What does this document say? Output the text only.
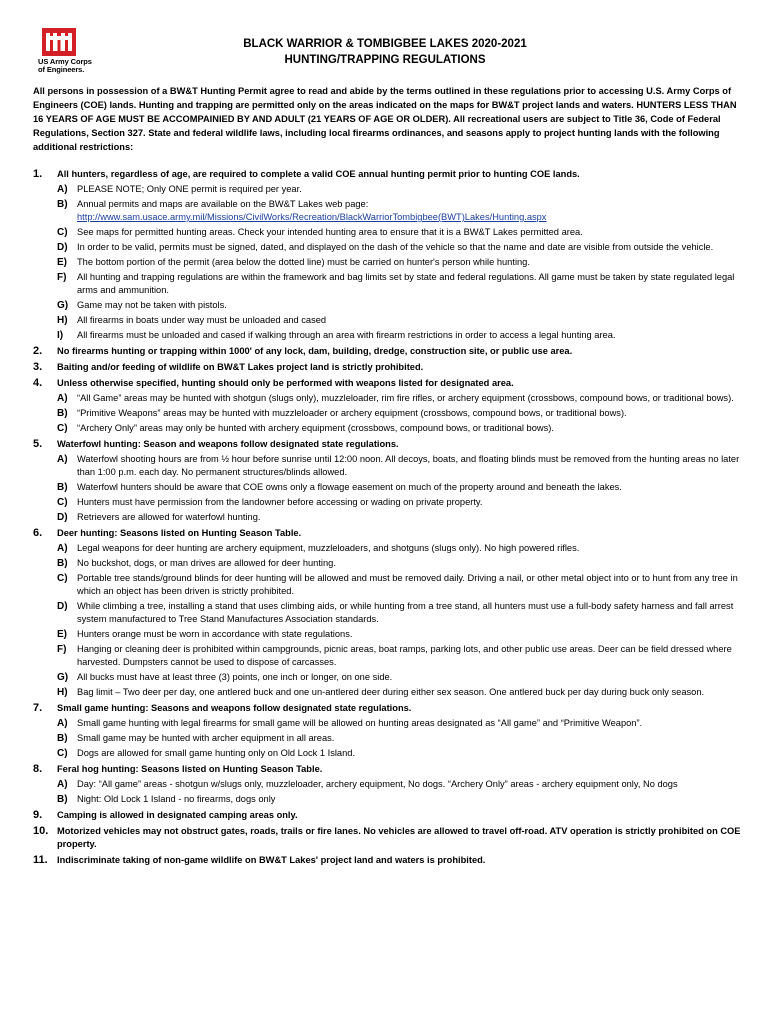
US Army Corps
of Engineers.
BLACK WARRIOR & TOMBIGBEE LAKES 2020-2021
HUNTING/TRAPPING REGULATIONS
All persons in possession of a BW&T Hunting Permit agree to read and abide by the terms outlined in these regulations prior to accessing U.S. Army Corps of Engineers (COE) lands. Hunting and trapping are permitted only on the areas indicated on the maps for BW&T project lands and waters. HUNTERS LESS THAN 16 YEARS OF AGE MUST BE ACCOMPAINIED BY AND ADULT (21 YEARS OF AGE OR OLDER). All recreational users are subject to Title 36, Code of Federal Regulations, Section 327. State and federal wildlife laws, including local firearms ordinances, and seasons apply to project hunting lands with the following additional restrictions:
1. All hunters, regardless of age, are required to complete a valid COE annual hunting permit prior to hunting COE lands.
A) PLEASE NOTE; Only ONE permit is required per year.
B) Annual permits and maps are available on the BW&T Lakes web page:
http://www.sam.usace.army.mil/Missions/CivilWorks/Recreation/BlackWarriorTombigbee(BWT)Lakes/Hunting.aspx
C) See maps for permitted hunting areas. Check your intended hunting area to ensure that it is a BW&T Lakes permitted area.
D) In order to be valid, permits must be signed, dated, and displayed on the dash of the vehicle so that the name and date are visible from outside the vehicle.
E) The bottom portion of the permit (area below the dotted line) must be carried on hunter's person while hunting.
F) All hunting and trapping regulations are within the framework and bag limits set by state and federal regulations. All game must be taken by state regulated legal arms and ammunition.
G) Game may not be taken with pistols.
H) All firearms in boats under way must be unloaded and cased
I) All firearms must be unloaded and cased if walking through an area with firearm restrictions in order to access a legal hunting area.
2. No firearms hunting or trapping within 1000' of any lock, dam, building, dredge, construction site, or public use area.
3. Baiting and/or feeding of wildlife on BW&T Lakes project land is strictly prohibited.
4. Unless otherwise specified, hunting should only be performed with weapons listed for designated area.
A) “All Game” areas may be hunted with shotgun (slugs only), muzzleloader, rim fire rifles, or archery equipment (crossbows, compound bows, or traditional bows).
B) “Primitive Weapons” areas may be hunted with muzzleloader or archery equipment (crossbows, compound bows, or traditional bows).
C) “Archery Only” areas may only be hunted with archery equipment (crossbows, compound bows, or traditional bows).
5. Waterfowl hunting: Season and weapons follow designated state regulations.
A) Waterfowl shooting hours are from ½ hour before sunrise until 12:00 noon. All decoys, boats, and floating blinds must be removed from the hunting areas no later than 1:00 p.m. each day. No permanent structures/blinds allowed.
B) Waterfowl hunters should be aware that COE owns only a flowage easement on much of the property around and beneath the lakes.
C) Hunters must have permission from the landowner before accessing or wading on private property.
D) Retrievers are allowed for waterfowl hunting.
6. Deer hunting: Seasons listed on Hunting Season Table.
A) Legal weapons for deer hunting are archery equipment, muzzleloaders, and shotguns (slugs only). No high powered rifles.
B) No buckshot, dogs, or man drives are allowed for deer hunting.
C) Portable tree stands/ground blinds for deer hunting will be allowed and must be removed daily. Driving a nail, or other metal object into or to hunt from any tree in which an object has been driven is strictly prohibited.
D) While climbing a tree, installing a stand that uses climbing aids, or while hunting from a tree stand, all hunters must use a full-body safety harness and fall arrest system manufactured to Tree Stand Manufactures Association standards.
E) Hunters orange must be worn in accordance with state regulations.
F) Hanging or cleaning deer is prohibited within campgrounds, picnic areas, boat ramps, parking lots, and other public use areas. Deer can be field dressed where harvested. Dumpsters cannot be used to dispose of carcasses.
G) All bucks must have at least three (3) points, one inch or longer, on one side.
H) Bag limit – Two deer per day, one antlered buck and one un-antlered deer during either sex season. One antlered buck per day during buck only season.
7. Small game hunting: Seasons and weapons follow designated state regulations.
A) Small game hunting with legal firearms for small game will be allowed on hunting areas designated as “All game” and “Primitive Weapon”.
B) Small game may be hunted with archer equipment in all areas.
C) Dogs are allowed for small game hunting only on Old Lock 1 Island.
8. Feral hog hunting: Seasons listed on Hunting Season Table.
A) Day: “All game” areas - shotgun w/slugs only, muzzleloader, archery equipment, No dogs. “Archery Only” areas - archery equipment only, No dogs
B) Night: Old Lock 1 Island - no firearms, dogs only
9. Camping is allowed in designated camping areas only.
10. Motorized vehicles may not obstruct gates, roads, trails or fire lanes. No vehicles are allowed to travel off-road. ATV operation is strictly prohibited on COE property.
11. Indiscriminate taking of non-game wildlife on BW&T Lakes' project land and waters is prohibited.
